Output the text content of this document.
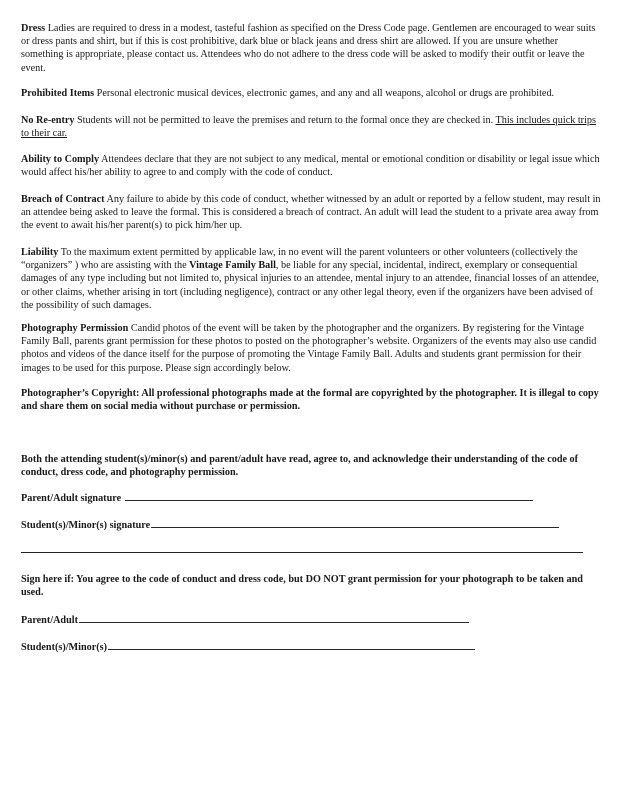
Dress Ladies are required to dress in a modest, tasteful fashion as specified on the Dress Code page. Gentlemen are encouraged to wear suits or dress pants and shirt, but if this is cost prohibitive, dark blue or black jeans and dress shirt are allowed. If you are unsure whether something is appropriate, please contact us. Attendees who do not adhere to the dress code will be asked to modify their outfit or leave the event.

Prohibited Items Personal electronic musical devices, electronic games, and any and all weapons, alcohol or drugs are prohibited.

No Re-entry Students will not be permitted to leave the premises and return to the formal once they are checked in. This includes quick trips to their car.

Ability to Comply Attendees declare that they are not subject to any medical, mental or emotional condition or disability or legal issue which would affect his/her ability to agree to and comply with the code of conduct.

Breach of Contract Any failure to abide by this code of conduct, whether witnessed by an adult or reported by a fellow student, may result in an attendee being asked to leave the formal. This is considered a breach of contract. An adult will lead the student to a private area away from the event to await his/her parent(s) to pick him/her up.

Liability To the maximum extent permitted by applicable law, in no event will the parent volunteers or other volunteers (collectively the “organizers” ) who are assisting with the Vintage Family Ball, be liable for any special, incidental, indirect, exemplary or consequential damages of any type including but not limited to, physical injuries to an attendee, mental injury to an attendee, financial losses of an attendee, or other claims, whether arising in tort (including negligence), contract or any other legal theory, even if the organizers have been advised of the possibility of such damages.

Photography Permission Candid photos of the event will be taken by the photographer and the organizers. By registering for the Vintage Family Ball, parents grant permission for these photos to posted on the photographer’s website. Organizers of the events may also use candid photos and videos of the dance itself for the purpose of promoting the Vintage Family Ball. Adults and students grant permission for their images to be used for this purpose. Please sign accordingly below.

Photographer’s Copyright: All professional photographs made at the formal are copyrighted by the photographer. It is illegal to copy and share them on social media without purchase or permission.

Both the attending student(s)/minor(s) and parent/adult have read, agree to, and acknowledge their understanding of the code of conduct, dress code, and photography permission.

Parent/Adult signature

Student(s)/Minor(s) signature

Sign here if: You agree to the code of conduct and dress code, but DO NOT grant permission for your photograph to be taken and used.

Parent/Adult

Student(s)/Minor(s)
